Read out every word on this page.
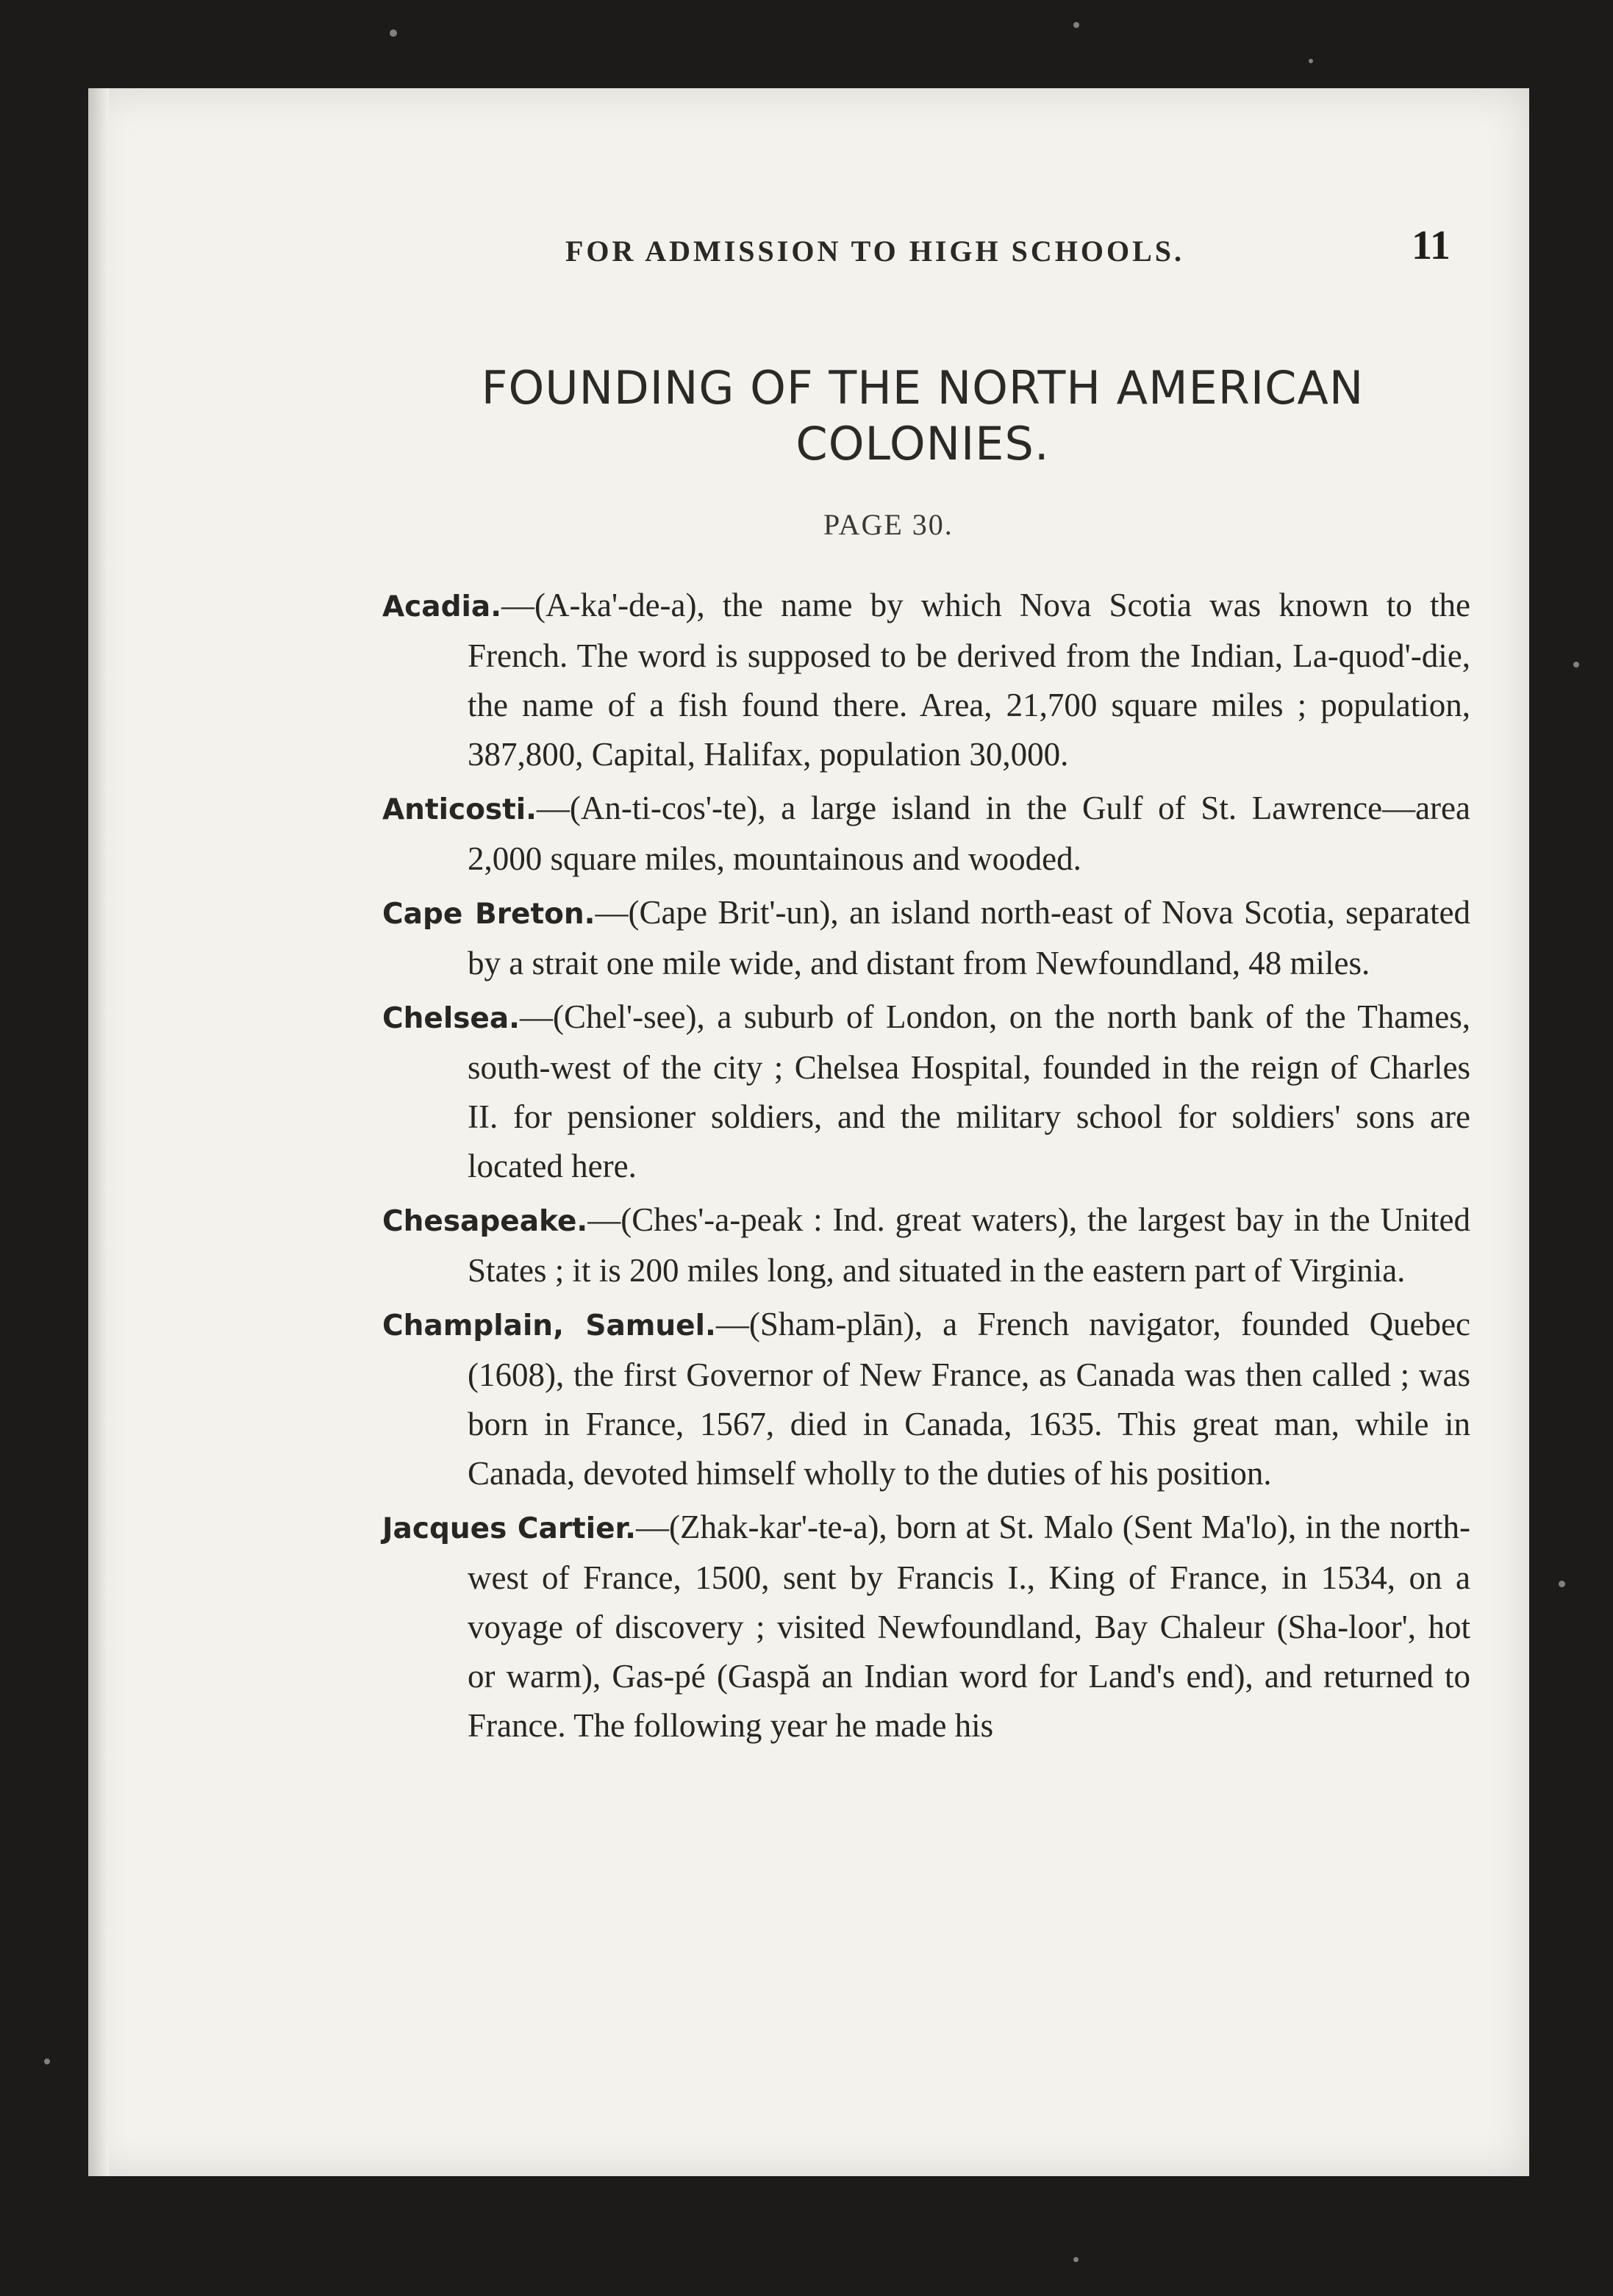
FOR ADMISSION TO HIGH SCHOOLS.	11
FOUNDING OF THE NORTH AMERICAN COLONIES.
PAGE 30.

Acadia.—(A-ka'-de-a), the name by which Nova Scotia was known to the French. The word is supposed to be derived from the Indian, La-quod'-die, the name of a fish found there. Area, 21,700 square miles ; population, 387,800, Capital, Halifax, population 30,000.

Anticosti.—(An-ti-cos'-te), a large island in the Gulf of St. Lawrence—area 2,000 square miles, mountainous and wooded.

Cape Breton.—(Cape Brit'-un), an island north-east of Nova Scotia, separated by a strait one mile wide, and distant from Newfoundland, 48 miles.

Chelsea.—(Chel'-see), a suburb of London, on the north bank of the Thames, south-west of the city ; Chelsea Hospital, founded in the reign of Charles II. for pensioner soldiers, and the military school for soldiers' sons are located here.

Chesapeake.—(Ches'-a-peak : Ind. great waters), the largest bay in the United States ; it is 200 miles long, and situated in the eastern part of Virginia.

Champlain, Samuel.—(Sham-plān), a French navigator, founded Quebec (1608), the first Governor of New France, as Canada was then called ; was born in France, 1567, died in Canada, 1635. This great man, while in Canada, devoted himself wholly to the duties of his position.

Jacques Cartier.—(Zhak-kar'-te-a), born at St. Malo (Sent Ma'lo), in the north-west of France, 1500, sent by Francis I., King of France, in 1534, on a voyage of discovery ; visited Newfoundland, Bay Chaleur (Sha-loor', hot or warm), Gas-pé (Gaspă an Indian word for Land's end), and returned to France. The following year he made his
